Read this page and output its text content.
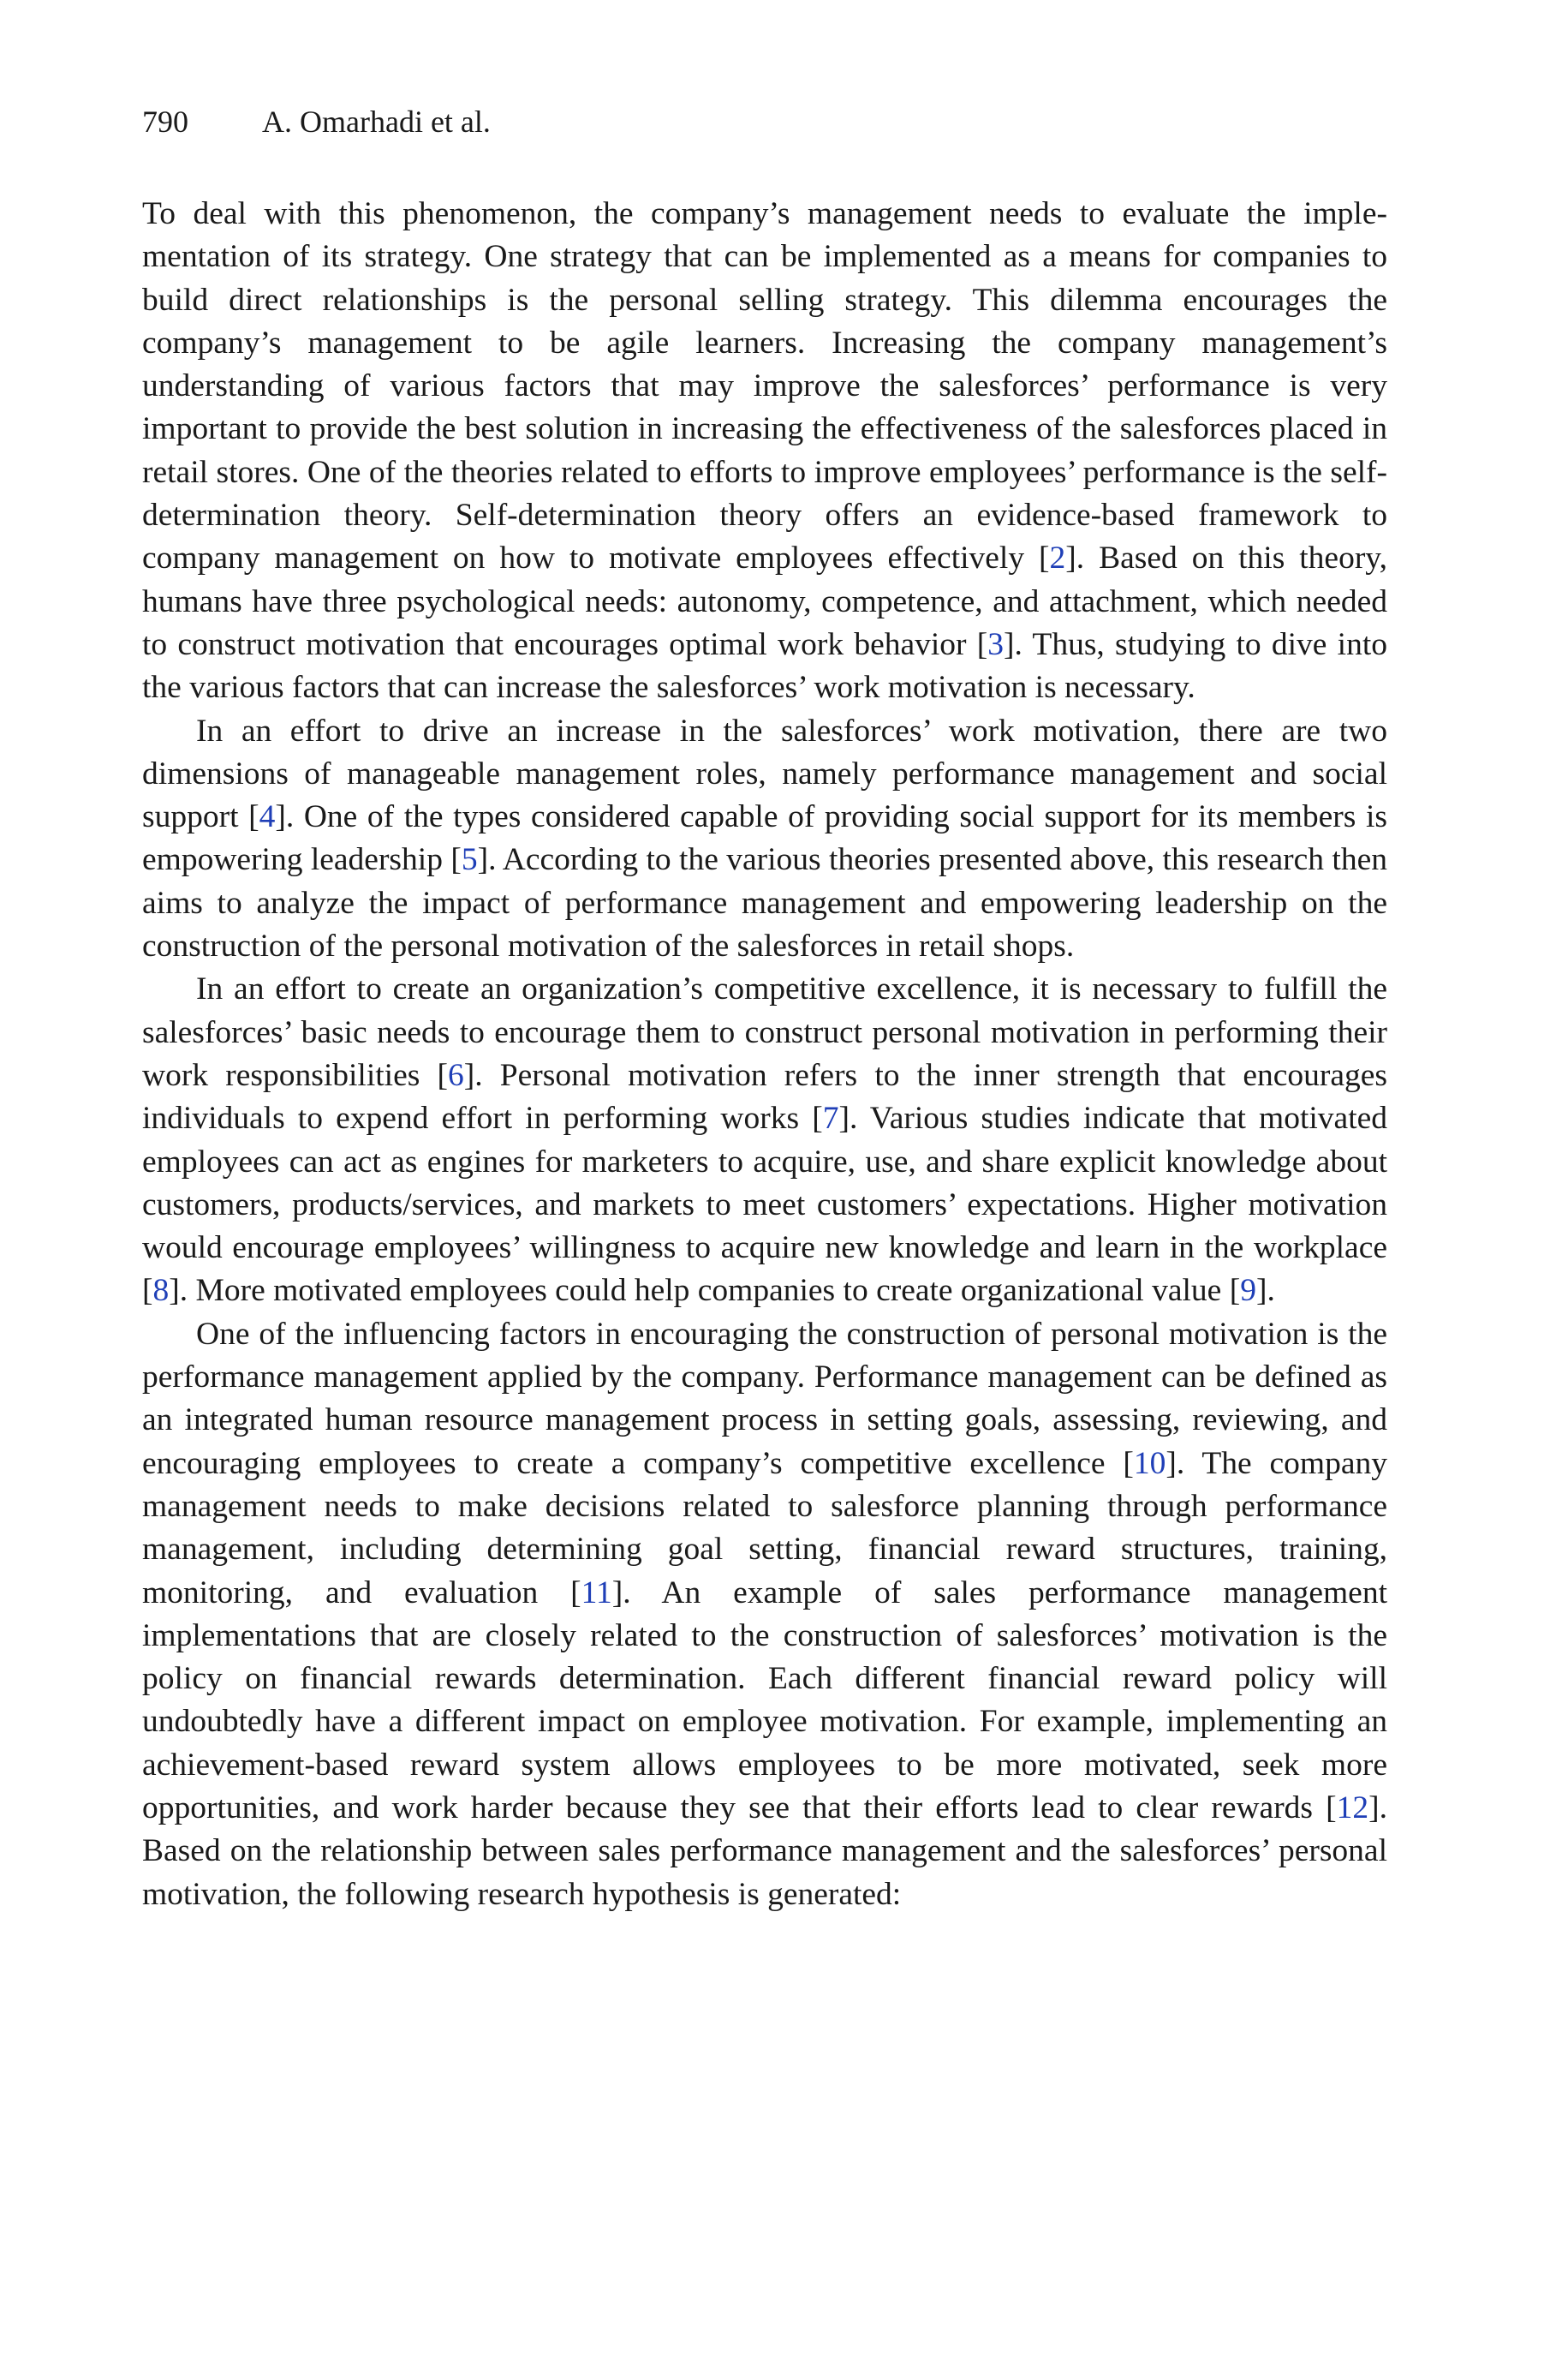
790 A. Omarhadi et al.

To deal with this phenomenon, the company’s management needs to evaluate the implementation of its strategy. One strategy that can be implemented as a means for companies to build direct relationships is the personal selling strategy. This dilemma encourages the company’s management to be agile learners. Increasing the company management’s understanding of various factors that may improve the salesforces’ performance is very important to provide the best solution in increasing the effectiveness of the salesforces placed in retail stores. One of the theories related to efforts to improve employees’ performance is the self-determination theory. Self-determination theory offers an evidence-based framework to company management on how to motivate employees effectively [2]. Based on this theory, humans have three psychological needs: autonomy, competence, and attachment, which needed to construct motivation that encourages optimal work behavior [3]. Thus, studying to dive into the various factors that can increase the salesforces’ work motivation is necessary.

In an effort to drive an increase in the salesforces’ work motivation, there are two dimensions of manageable management roles, namely performance management and social support [4]. One of the types considered capable of providing social support for its members is empowering leadership [5]. According to the various theories presented above, this research then aims to analyze the impact of performance management and empowering leadership on the construction of the personal motivation of the salesforces in retail shops.

In an effort to create an organization’s competitive excellence, it is necessary to fulfill the salesforces’ basic needs to encourage them to construct personal motivation in performing their work responsibilities [6]. Personal motivation refers to the inner strength that encourages individuals to expend effort in performing works [7]. Various studies indicate that motivated employees can act as engines for marketers to acquire, use, and share explicit knowledge about customers, products/services, and markets to meet customers’ expectations. Higher motivation would encourage employees’ willingness to acquire new knowledge and learn in the workplace [8]. More motivated employees could help companies to create organizational value [9].

One of the influencing factors in encouraging the construction of personal motivation is the performance management applied by the company. Performance management can be defined as an integrated human resource management process in setting goals, assessing, reviewing, and encouraging employees to create a company’s competitive excellence [10]. The company management needs to make decisions related to salesforce planning through performance management, including determining goal setting, financial reward structures, training, monitoring, and evaluation [11]. An example of sales performance management implementations that are closely related to the construction of salesforces’ motivation is the policy on financial rewards determination. Each different financial reward policy will undoubtedly have a different impact on employee motivation. For example, implementing an achievement-based reward system allows employees to be more motivated, seek more opportunities, and work harder because they see that their efforts lead to clear rewards [12]. Based on the relationship between sales performance management and the salesforces’ personal motivation, the following research hypothesis is generated:
